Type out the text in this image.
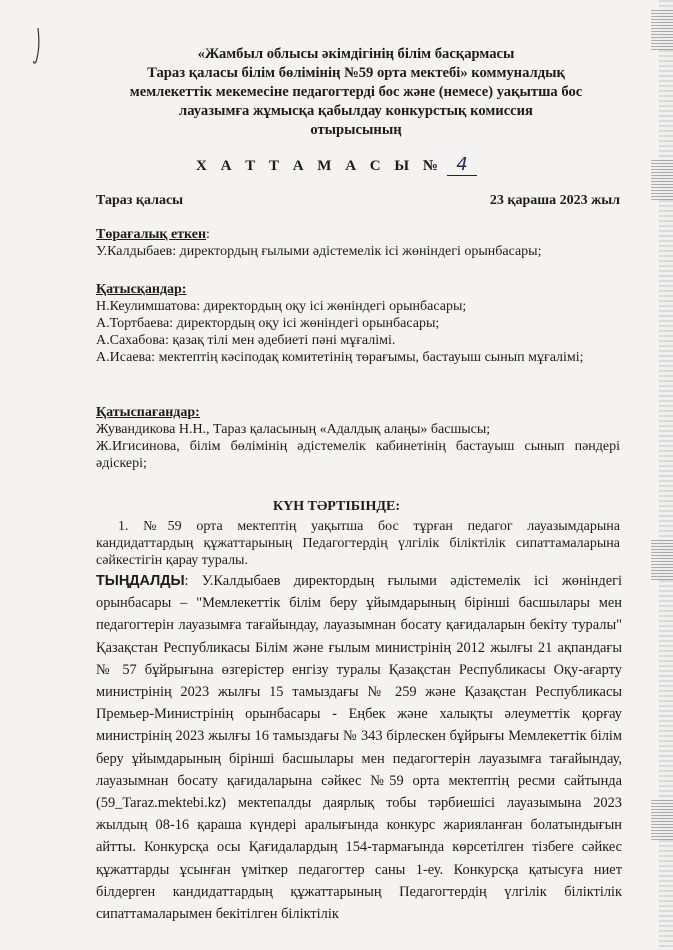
«Жамбыл облысы әкімдігінің білім басқармасы
Тараз қаласы білім бөлімінің №59 орта мектебі» коммуналдық
мемлекеттік мекемесіне педагогтерді бос және (немесе) уақытша бос
лауазымға жұмысқа қабылдау конкурстық комиссия
отырысының
Х А Т Т А М А С Ы № 4
Тараз қаласы	23 қараша 2023 жыл

Төрағалық еткен:

У.Калдыбаев: директордың ғылыми әдістемелік ісі жөніндегі орынбасары;

Қатысқандар:

Н.Кеулимшатова: директордың оқу ісі жөніндегі орынбасары;

А.Тортбаева: директордың оқу ісі жөніндегі орынбасары;

А.Сахабова: қазақ тілі мен әдебиеті пәні мұғалімі.

А.Исаева: мектептің кәсіподақ комитетінің төрағымы, бастауыш сынып мұғалімі;

Қатыспағандар:

Жувандикова Н.Н., Тараз қаласының «Адалдық алаңы» басшысы;

Ж.Игисинова, білім бөлімінің әдістемелік кабинетінің бастауыш сынып пәндері әдіскері;

КҮН ТӘРТІБІНДЕ:
1. №59 орта мектептің уақытша бос тұрған педагог лауазымдарына кандидаттардың құжаттарының Педагогтердің үлгілік біліктілік сипаттамаларына сәйкестігін қарау туралы.
ТЫҢДАЛДЫ: У.Калдыбаев директордың ғылыми әдістемелік ісі жөніндегі орынбасары – "Мемлекеттік білім беру ұйымдарының бірінші басшылары мен педагогтерін лауазымға тағайындау, лауазымнан босату қағидаларын бекіту туралы" Қазақстан Республикасы Білім және ғылым министрінің 2012 жылғы 21 ақпандағы № 57 бұйрығына өзгерістер енгізу туралы Қазақстан Республикасы Оқу-ағарту министрінің 2023 жылғы 15 тамыздағы № 259 және Қазақстан Республикасы Премьер-Министрінің орынбасары - Еңбек және халықты әлеуметтік қорғау министрінің 2023 жылғы 16 тамыздағы № 343 бірлескен бұйрығы Мемлекеттік білім беру ұйымдарының бірінші басшылары мен педагогтерін лауазымға тағайындау, лауазымнан босату қағидаларына сәйкес №59 орта мектептің ресми сайтында (59_Taraz.mektebi.kz) мектепалды даярлық тобы тәрбиешісі лауазымына 2023 жылдың 08-16 қараша күндері аралығында конкурс жарияланған болатындығын айтты. Конкурсқа осы Қағидалардың 154-тармағында көрсетілген тізбеге сәйкес құжаттарды ұсынған үміткер педагогтер саны 1-еу. Конкурсқа қатысуға ниет білдерген кандидаттардың құжаттарының Педагогтердің үлгілік біліктілік сипаттамаларымен бекітілген біліктілік
